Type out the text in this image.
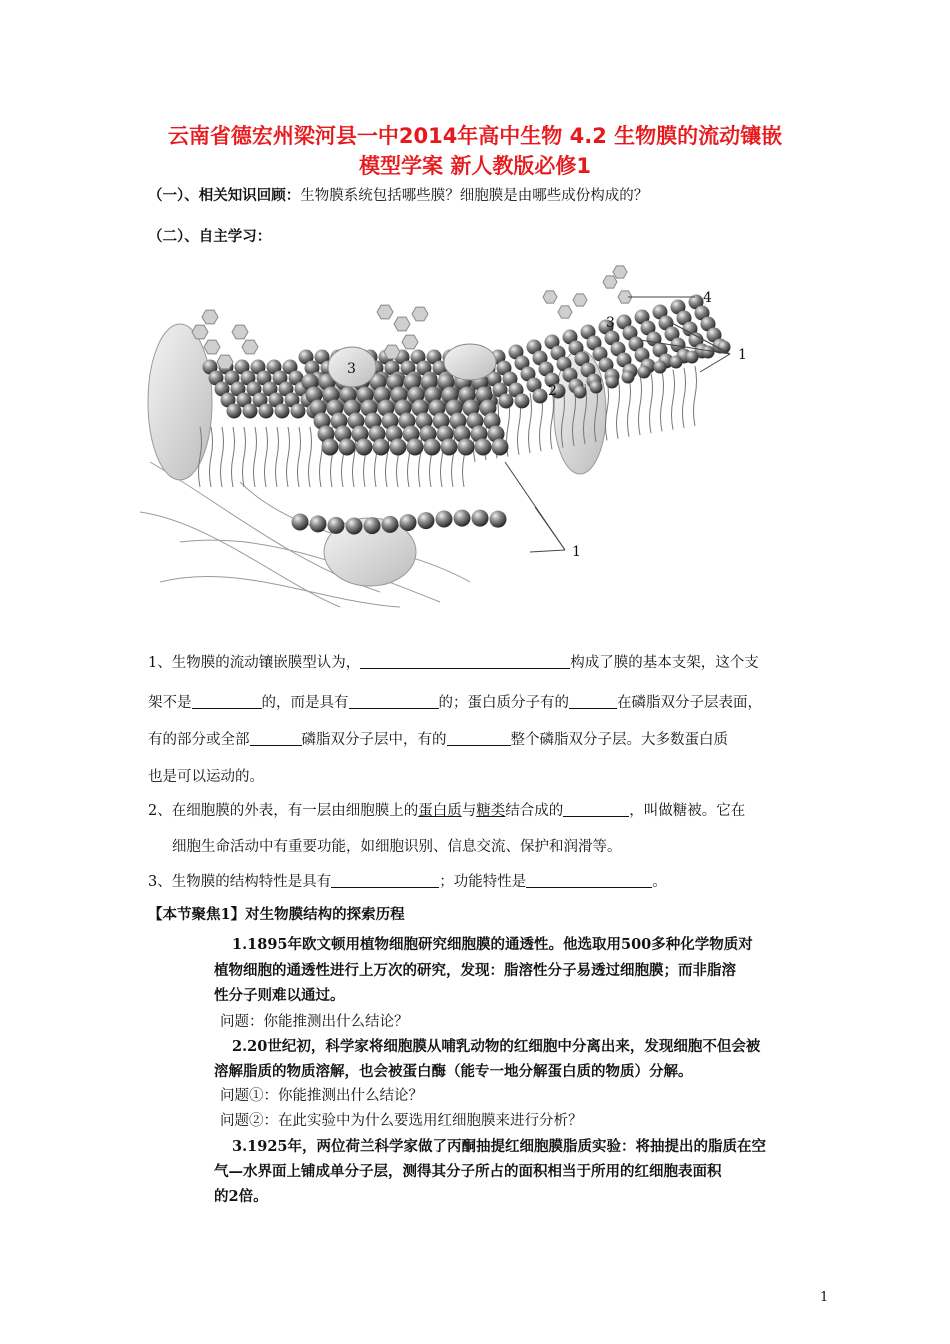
云南省德宏州梁河县一中2014年高中生物 4.2 生物膜的流动镶嵌
模型学案 新人教版必修1
（一）、相关知识回顾：生物膜系统包括哪些膜？细胞膜是由哪些成份构成的？
（二）、自主学习：
4
3
1
3
2
1
1、生物膜的流动镶嵌膜型认为，	构成了膜的基本支架，这个支
架不是	的，而是具有	的；蛋白质分子有的	在磷脂双分子层表面，
有的部分或全部	磷脂双分子层中，有的	整个磷脂双分子层。大多数蛋白质
也是可以运动的。
2、在细胞膜的外表，有一层由细胞膜上的蛋白质与糖类结合成的	，叫做糖被。它在
细胞生命活动中有重要功能，如细胞识别、信息交流、保护和润滑等。
3、生物膜的结构特性是具有	；功能特性是	。
【本节聚焦1】对生物膜结构的探索历程
1.1895年欧文顿用植物细胞研究细胞膜的通透性。他选取用500多种化学物质对
植物细胞的通透性进行上万次的研究，发现：脂溶性分子易透过细胞膜；而非脂溶
性分子则难以通过。
问题：你能推测出什么结论？
2.20世纪初，科学家将细胞膜从哺乳动物的红细胞中分离出来，发现细胞不但会被
溶解脂质的物质溶解，也会被蛋白酶（能专一地分解蛋白质的物质）分解。
问题①：你能推测出什么结论？
问题②：在此实验中为什么要选用红细胞膜来进行分析？
3.1925年，两位荷兰科学家做了丙酮抽提红细胞膜脂质实验：将抽提出的脂质在空
气—水界面上铺成单分子层，测得其分子所占的面积相当于所用的红细胞表面积
的2倍。
1
